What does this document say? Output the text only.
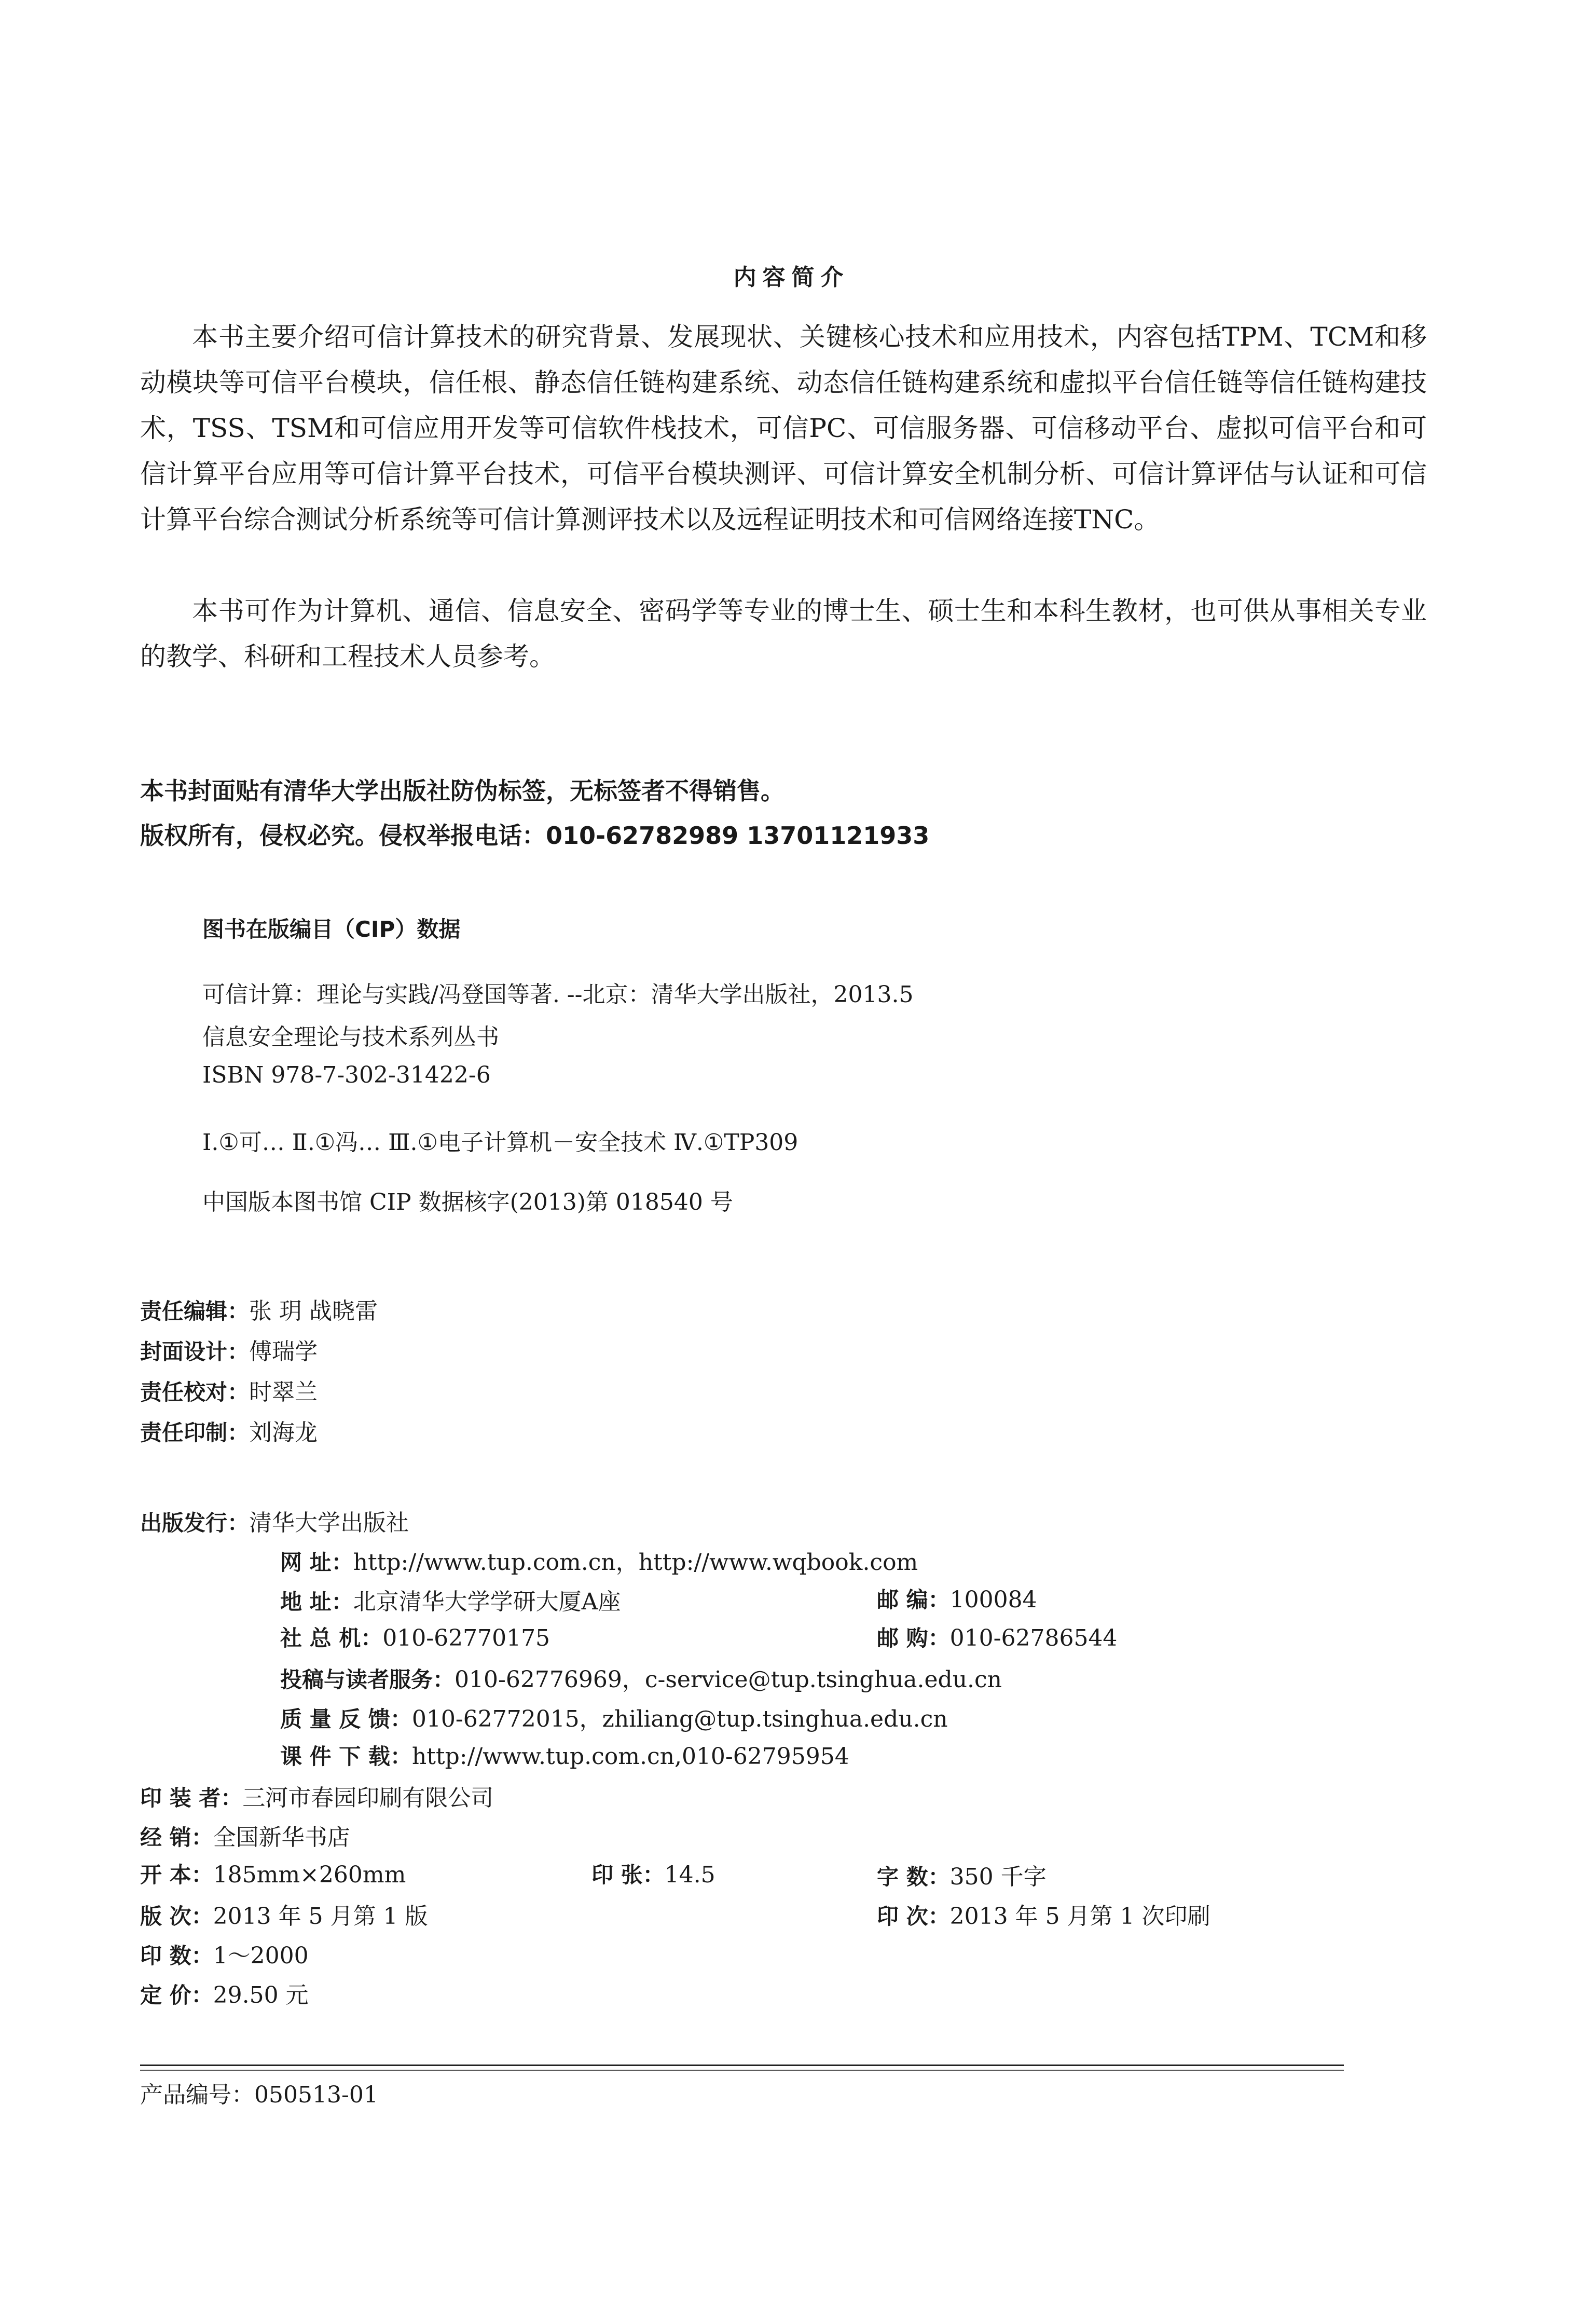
内容简介
本书主要介绍可信计算技术的研究背景、发展现状、关键核心技术和应用技术，内容包括TPM、TCM和移动模块等可信平台模块，信任根、静态信任链构建系统、动态信任链构建系统和虚拟平台信任链等信任链构建技术，TSS、TSM和可信应用开发等可信软件栈技术，可信PC、可信服务器、可信移动平台、虚拟可信平台和可信计算平台应用等可信计算平台技术，可信平台模块测评、可信计算安全机制分析、可信计算评估与认证和可信计算平台综合测试分析系统等可信计算测评技术以及远程证明技术和可信网络连接TNC。
本书可作为计算机、通信、信息安全、密码学等专业的博士生、硕士生和本科生教材，也可供从事相关专业的教学、科研和工程技术人员参考。
本书封面贴有清华大学出版社防伪标签，无标签者不得销售。
版权所有，侵权必究。侵权举报电话：010-62782989 13701121933
图书在版编目（CIP）数据
可信计算：理论与实践/冯登国等著. --北京：清华大学出版社，2013.5
信息安全理论与技术系列丛书
ISBN 978-7-302-31422-6
Ⅰ.①可… Ⅱ.①冯… Ⅲ.①电子计算机－安全技术 Ⅳ.①TP309
中国版本图书馆 CIP 数据核字(2013)第 018540 号
责任编辑：张 玥 战晓雷
封面设计：傅瑞学
责任校对：时翠兰
责任印制：刘海龙
出版发行：清华大学出版社
网 址：http://www.tup.com.cn，http://www.wqbook.com
地 址：北京清华大学学研大厦A座	邮 编：100084
社 总 机：010-62770175	邮 购：010-62786544
投稿与读者服务：010-62776969，c-service@tup.tsinghua.edu.cn
质 量 反 馈：010-62772015，zhiliang@tup.tsinghua.edu.cn
课 件 下 载：http://www.tup.com.cn,010-62795954
印 装 者：三河市春园印刷有限公司
经 销：全国新华书店
开 本：185mm×260mm	印 张：14.5	字 数：350 千字
版 次：2013 年 5 月第 1 版	印 次：2013 年 5 月第 1 次印刷
印 数：1～2000
定 价：29.50 元
产品编号：050513-01
